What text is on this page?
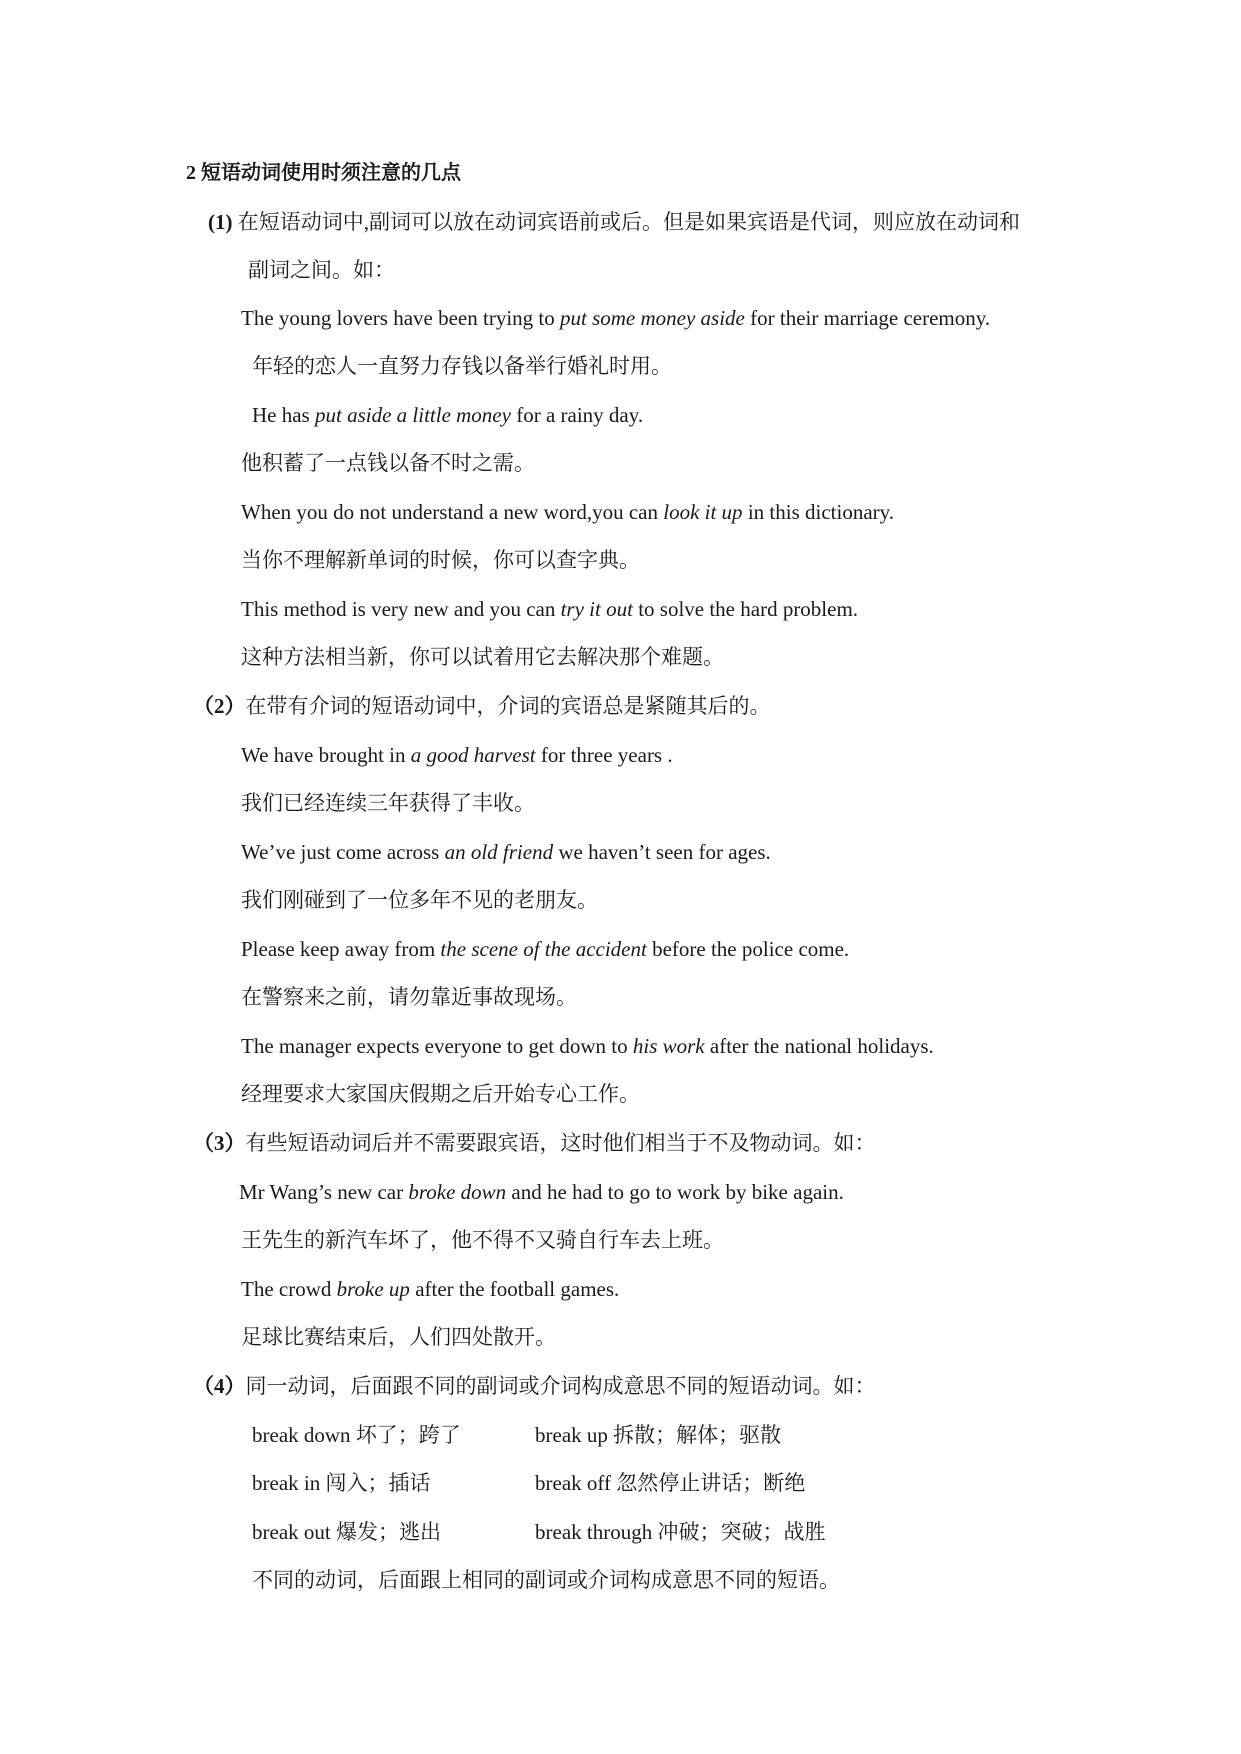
2 短语动词使用时须注意的几点
(1) 在短语动词中,副词可以放在动词宾语前或后。但是如果宾语是代词，则应放在动词和
副词之间。如：
The young lovers have been trying to put some money aside for their marriage ceremony.
年轻的恋人一直努力存钱以备举行婚礼时用。
He has put aside a little money for a rainy day.
他积蓄了一点钱以备不时之需。
When you do not understand a new word,you can look it up in this dictionary.
当你不理解新单词的时候，你可以查字典。
This method is very new and you can try it out to solve the hard problem.
这种方法相当新，你可以试着用它去解决那个难题。
（2）在带有介词的短语动词中，介词的宾语总是紧随其后的。
We have brought in a good harvest for three years .
我们已经连续三年获得了丰收。
We’ve just come across an old friend we haven’t seen for ages.
我们刚碰到了一位多年不见的老朋友。
Please keep away from the scene of the accident before the police come.
在警察来之前，请勿靠近事故现场。
The manager expects everyone to get down to his work after the national holidays.
经理要求大家国庆假期之后开始专心工作。
（3）有些短语动词后并不需要跟宾语，这时他们相当于不及物动词。如：
Mr Wang’s new car broke down and he had to go to work by bike again.
王先生的新汽车坏了，他不得不又骑自行车去上班。
The crowd broke up after the football games.
足球比赛结束后，人们四处散开。
（4）同一动词，后面跟不同的副词或介词构成意思不同的短语动词。如：
break down 坏了；跨了	break up 拆散；解体；驱散
break in 闯入；插话	break off 忽然停止讲话；断绝
break out 爆发；逃出	break through 冲破；突破；战胜
不同的动词，后面跟上相同的副词或介词构成意思不同的短语。
